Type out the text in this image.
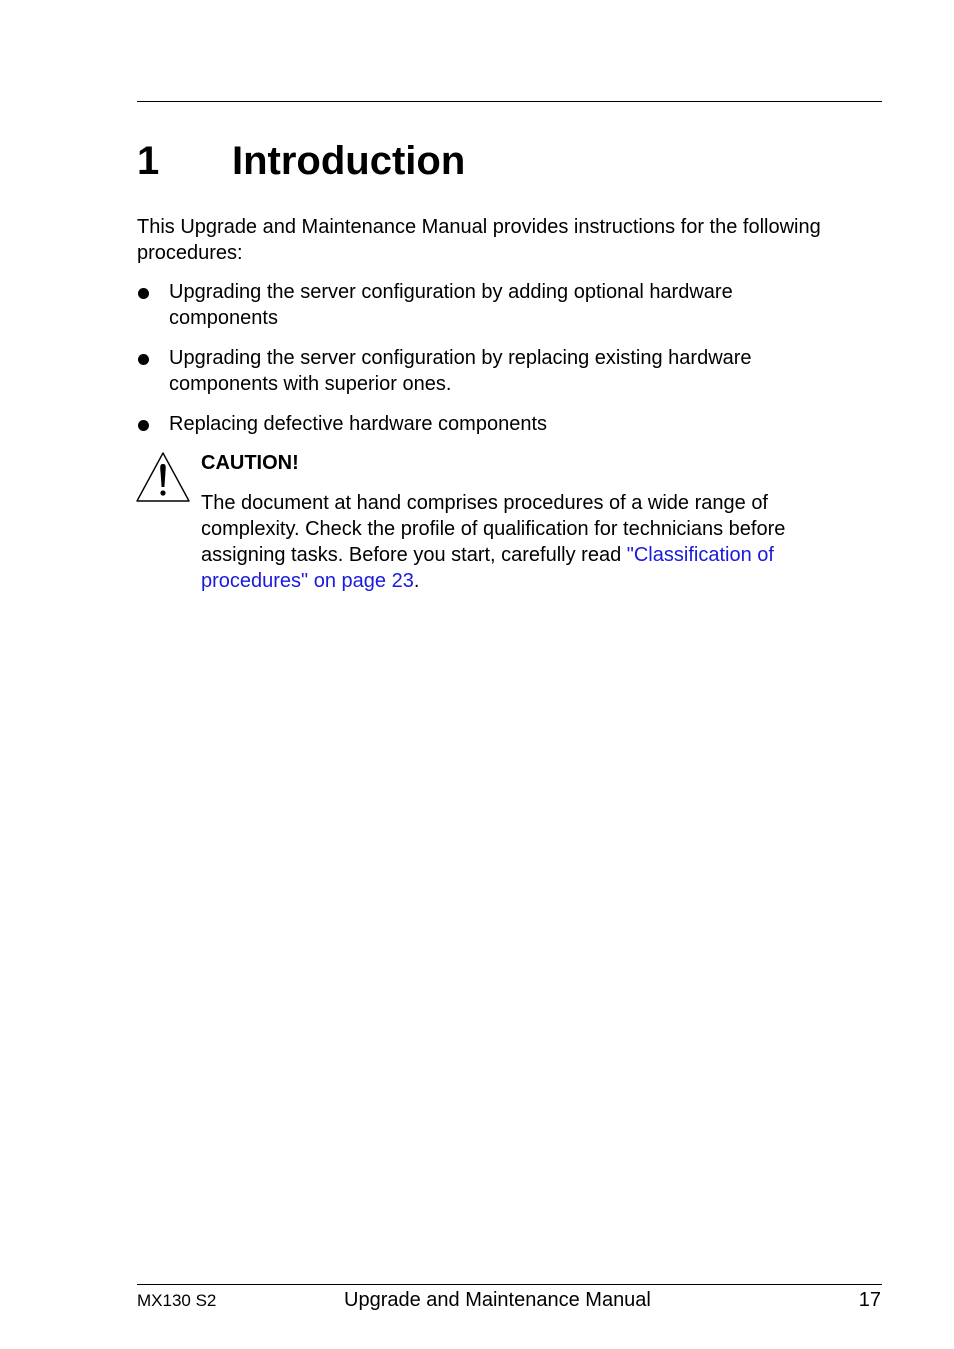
1 Introduction

This Upgrade and Maintenance Manual provides instructions for the following procedures:

Upgrading the server configuration by adding optional hardware components
Upgrading the server configuration by replacing existing hardware components with superior ones.
Replacing defective hardware components
CAUTION!

The document at hand comprises procedures of a wide range of complexity. Check the profile of qualification for technicians before assigning tasks. Before you start, carefully read "Classification of procedures" on page 23.

MX130 S2	Upgrade and Maintenance Manual	17
